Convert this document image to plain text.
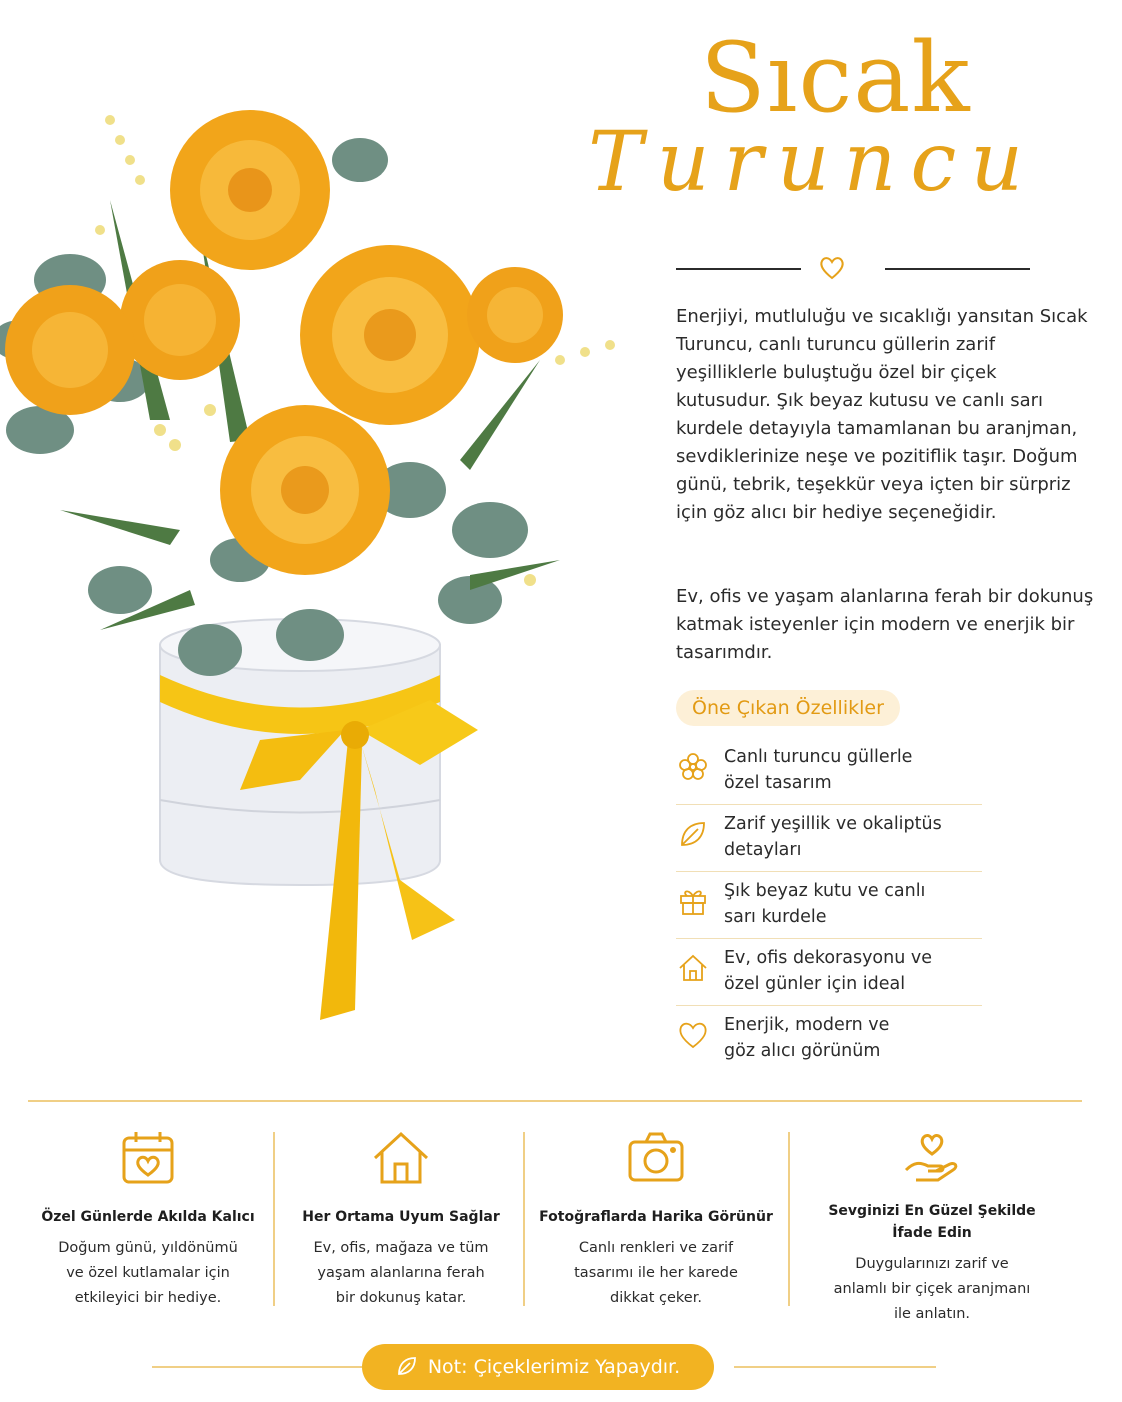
Sıcak
Turuncu

Enerjiyi, mutluluğu ve sıcaklığı yansıtan Sıcak Turuncu, canlı turuncu güllerin zarif yeşilliklerle buluştuğu özel bir çiçek kutusudur. Şık beyaz kutusu ve canlı sarı kurdele detayıyla tamamlanan bu aranjman, sevdiklerinize neşe ve pozitiflik taşır. Doğum günü, tebrik, teşekkür veya içten bir sürpriz için göz alıcı bir hediye seçeneğidir.

Ev, ofis ve yaşam alanlarına ferah bir dokunuş katmak isteyenler için modern ve enerjik bir tasarımdır.

Öne Çıkan Özellikler
Canlı turuncu güllerle
özel tasarım
Zarif yeşillik ve okaliptüs
detayları
Şık beyaz kutu ve canlı
sarı kurdele
Ev, ofis dekorasyonu ve
özel günler için ideal
Enerjik, modern ve
göz alıcı görünüm
Özel Günlerde Akılda Kalıcı
Doğum günü, yıldönümü
ve özel kutlamalar için
etkileyici bir hediye.
Her Ortama Uyum Sağlar
Ev, ofis, mağaza ve tüm
yaşam alanlarına ferah
bir dokunuş katar.
Fotoğraflarda Harika Görünür
Canlı renkleri ve zarif
tasarımı ile her karede
dikkat çeker.
Sevginizi En Güzel Şekilde
İfade Edin
Duygularınızı zarif ve
anlamlı bir çiçek aranjmanı
ile anlatın.
Not: Çiçeklerimiz Yapaydır.
